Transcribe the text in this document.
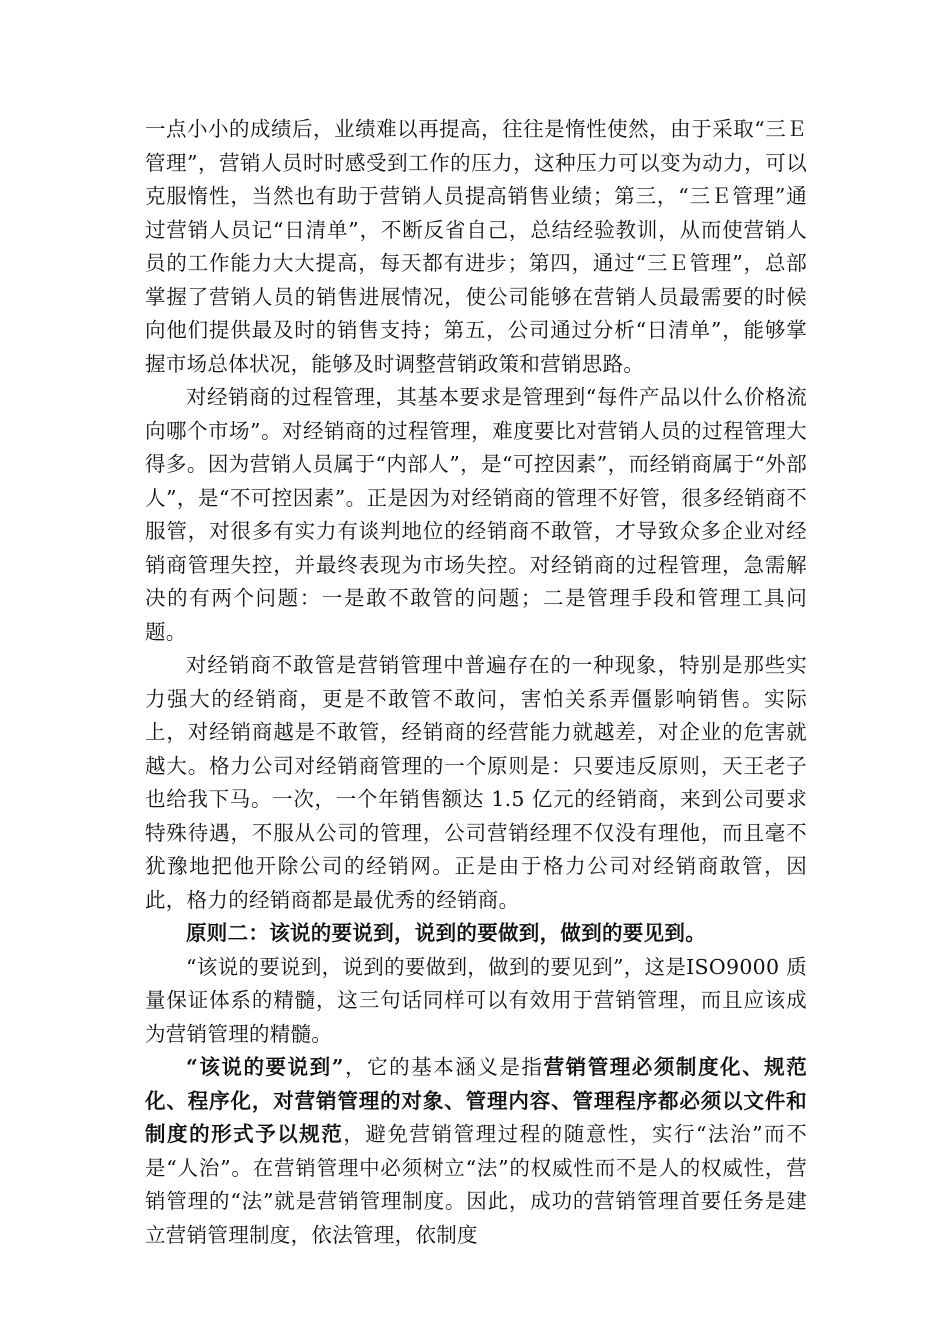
一点小小的成绩后，业绩难以再提高，往往是惰性使然，由于采取“三Ｅ管理”，营销人员时时感受到工作的压力，这种压力可以变为动力，可以克服惰性，当然也有助于营销人员提高销售业绩；第三，“三Ｅ管理”通过营销人员记“日清单”，不断反省自己，总结经验教训，从而使营销人员的工作能力大大提高，每天都有进步；第四，通过“三Ｅ管理”，总部掌握了营销人员的销售进展情况，使公司能够在营销人员最需要的时候向他们提供最及时的销售支持；第五，公司通过分析“日清单”，能够掌握市场总体状况，能够及时调整营销政策和营销思路。

对经销商的过程管理，其基本要求是管理到“每件产品以什么价格流向哪个市场”。对经销商的过程管理，难度要比对营销人员的过程管理大得多。因为营销人员属于“内部人”，是“可控因素”，而经销商属于“外部人”，是“不可控因素”。正是因为对经销商的管理不好管，很多经销商不服管，对很多有实力有谈判地位的经销商不敢管，才导致众多企业对经销商管理失控，并最终表现为市场失控。对经销商的过程管理，急需解决的有两个问题：一是敢不敢管的问题；二是管理手段和管理工具问题。

对经销商不敢管是营销管理中普遍存在的一种现象，特别是那些实力强大的经销商，更是不敢管不敢问，害怕关系弄僵影响销售。实际上，对经销商越是不敢管，经销商的经营能力就越差，对企业的危害就越大。格力公司对经销商管理的一个原则是：只要违反原则，天王老子也给我下马。一次，一个年销售额达 1.5 亿元的经销商，来到公司要求特殊待遇，不服从公司的管理，公司营销经理不仅没有理他，而且毫不犹豫地把他开除公司的经销网。正是由于格力公司对经销商敢管，因此，格力的经销商都是最优秀的经销商。

原则二：该说的要说到，说到的要做到，做到的要见到。

“该说的要说到，说到的要做到，做到的要见到”，这是ISO9000 质量保证体系的精髓，这三句话同样可以有效用于营销管理，而且应该成为营销管理的精髓。

“该说的要说到”，它的基本涵义是指营销管理必须制度化、规范化、程序化，对营销管理的对象、管理内容、管理程序都必须以文件和制度的形式予以规范，避免营销管理过程的随意性，实行“法治”而不是“人治”。在营销管理中必须树立“法”的权威性而不是人的权威性，营销管理的“法”就是营销管理制度。因此，成功的营销管理首要任务是建立营销管理制度，依法管理，依制度
